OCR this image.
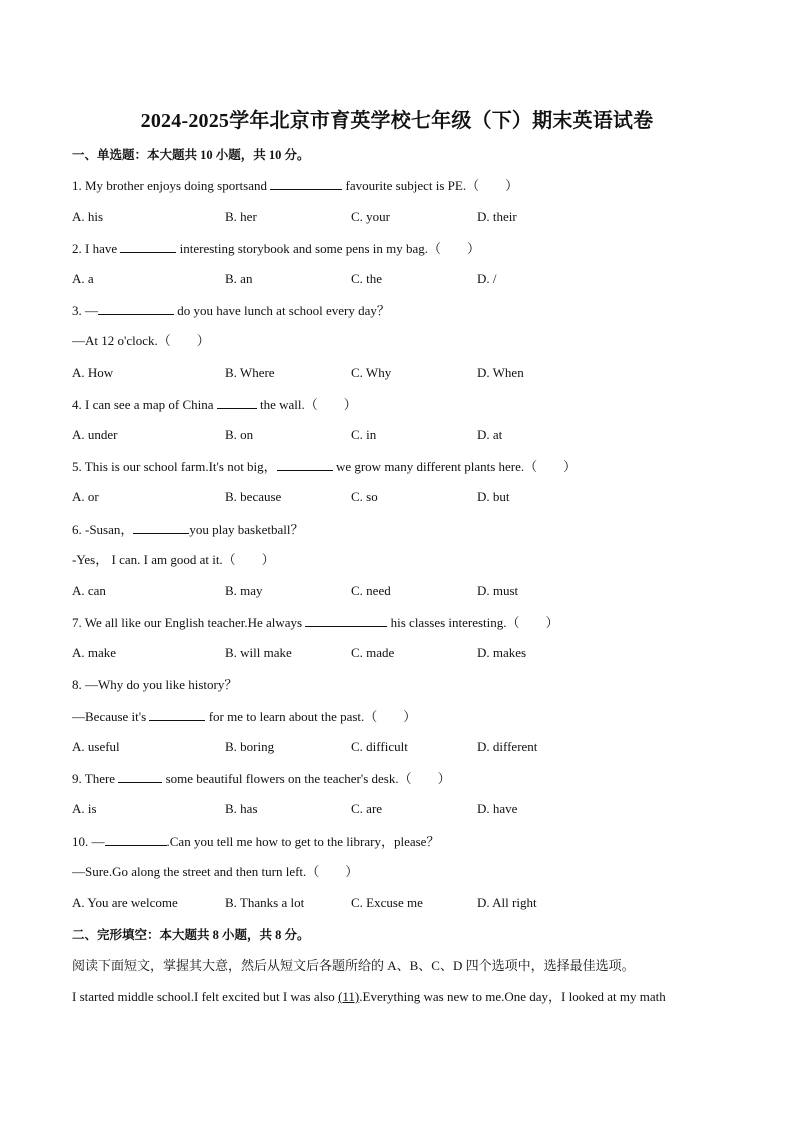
2024-2025学年北京市育英学校七年级（下）期末英语试卷
一、单选题：本大题共 10 小题，共 10 分。
1. My brother enjoys doing sportsand	favourite subject is PE.（　　）
A. his	B. her	C. your	D. their
2. I have	interesting storybook and some pens in my bag.（　　）
A. a	B. an	C. the	D. /
3. —	do you have lunch at school every day？
—At 12 o'clock.（　　）
A. How	B. Where	C. Why	D. When
4. I can see a map of China	the wall.（　　）
A. under	B. on	C. in	D. at
5. This is our school farm.It's not big，	we grow many different plants here.（　　）
A. or	B. because	C. so	D. but
6. -Susan，	you play basketball？
-Yes， I can. I am good at it.（　　）
A. can	B. may	C. need	D. must
7. We all like our English teacher.He always	his classes interesting.（　　）
A. make	B. will make	C. made	D. makes
8. —Why do you like history？
—Because it's	for me to learn about the past.（　　）
A. useful	B. boring	C. difficult	D. different
9. There	some beautiful flowers on the teacher's desk.（　　）
A. is	B. has	C. are	D. have
10. —	.Can you tell me how to get to the library，please？
—Sure.Go along the street and then turn left.（　　）
A. You are welcome	B. Thanks a lot	C. Excuse me	D. All right
二、完形填空：本大题共 8 小题，共 8 分。
阅读下面短文，掌握其大意，然后从短文后各题所给的 A、B、C、D 四个选项中，选择最佳选项。
I started middle school.I felt excited but I was also (11).Everything was new to me.One day，I looked at my math
